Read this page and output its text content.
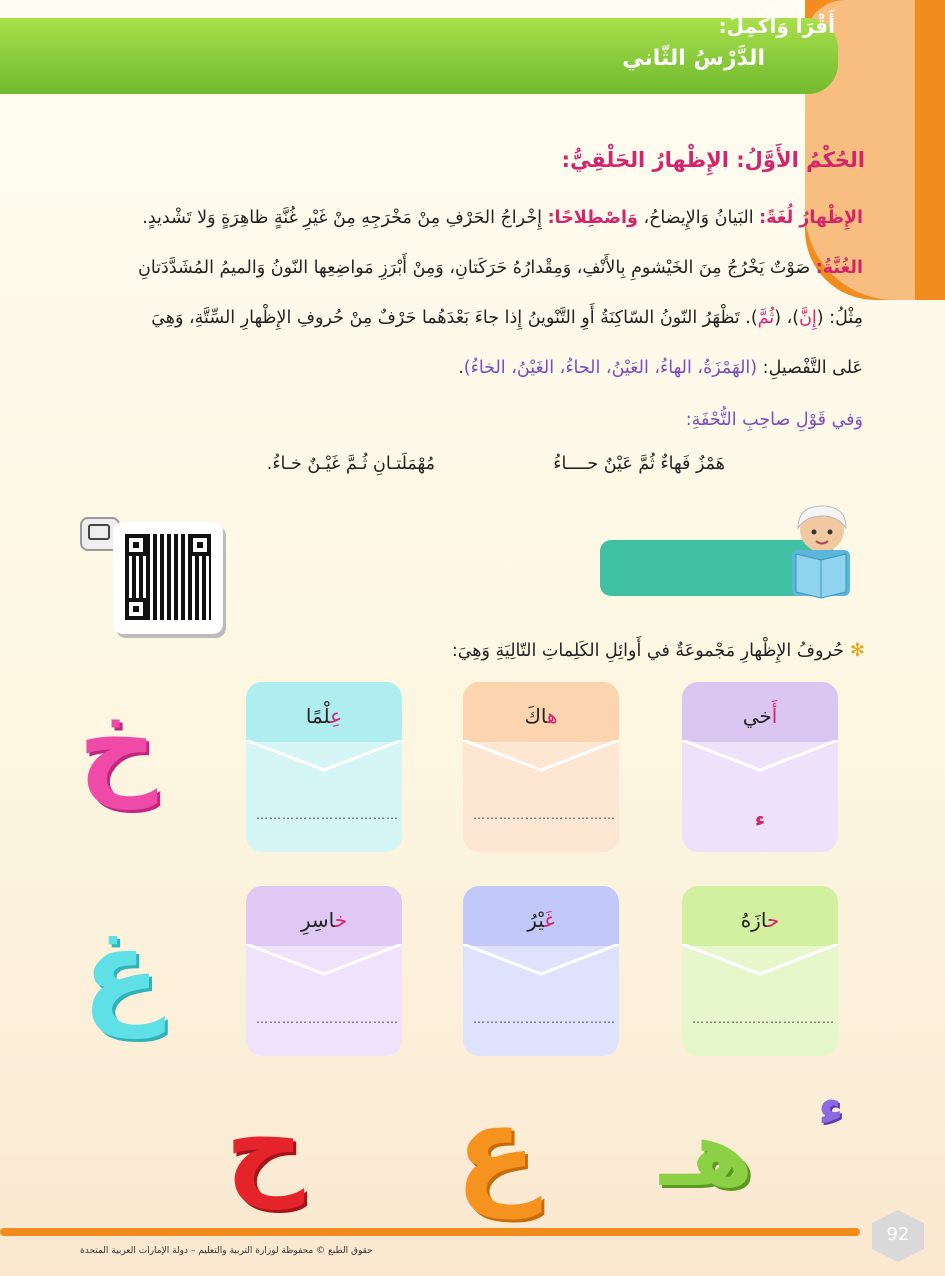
الدَّرْسُ الثّاني
الحُكْمُ الأَوَّلُ: الإِظْهارُ الحَلْقِيُّ:
الإِظْهارُ لُغَةً: البَيانُ وَالإِيضاحُ، وَاصْطِلاحًا: إِخْراجُ الحَرْفِ مِنْ مَخْرَجِهِ مِنْ غَيْرِ غُنَّةٍ ظاهِرَةٍ وَلا تَشْديدٍ.
الغُنَّةُ: صَوْتٌ يَخْرُجُ مِنَ الخَيْشومِ بِالأَنْفِ، وَمِقْدارُهُ حَرَكَتانِ، وَمِنْ أَبْرَزِ مَواضِعِها النّونُ وَالميمُ المُشَدَّدَتانِ
مِثْلُ: (إِنَّ)، (ثُمَّ). تَظْهَرُ النّونُ السّاكِنَةُ أَوِ التَّنْوينُ إِذا جاءَ بَعْدَهُما حَرْفٌ مِنْ حُروفِ الإِظْهارِ السِّتَّةِ، وَهِيَ
عَلى التَّفْصيلِ: (الهَمْزَةُ، الهاءُ، العَيْنُ، الحاءُ، الغَيْنُ، الخاءُ).
وَفي قَوْلِ صاحِبِ التُّحْفَةِ:
هَمْزٌ فَهاءٌ ثُمَّ عَيْنٌ حــــاءُ
مُهْمَلَتـانِ ثُـمَّ غَيْـنٌ خـاءُ.
أَقْرَأُ وَأُكْمِلُ:
✻حُروفُ الإِظْهارِ مَجْموعَةٌ في أَوائِلِ الكَلِماتِ التّالِيَةِ وَهِيَ:
أَخي
ء
هاكَ
……………………………
عِلْمًا
……………………………
حازَهُ
……………………………
غَيْرُ
……………………………
خاسِرِ
……………………………
خ
غ
ح ع هـ ء
92
حقوق الطبع © محفوظة لوزارة التربية والتعليم – دولة الإمارات العربية المتحدة
